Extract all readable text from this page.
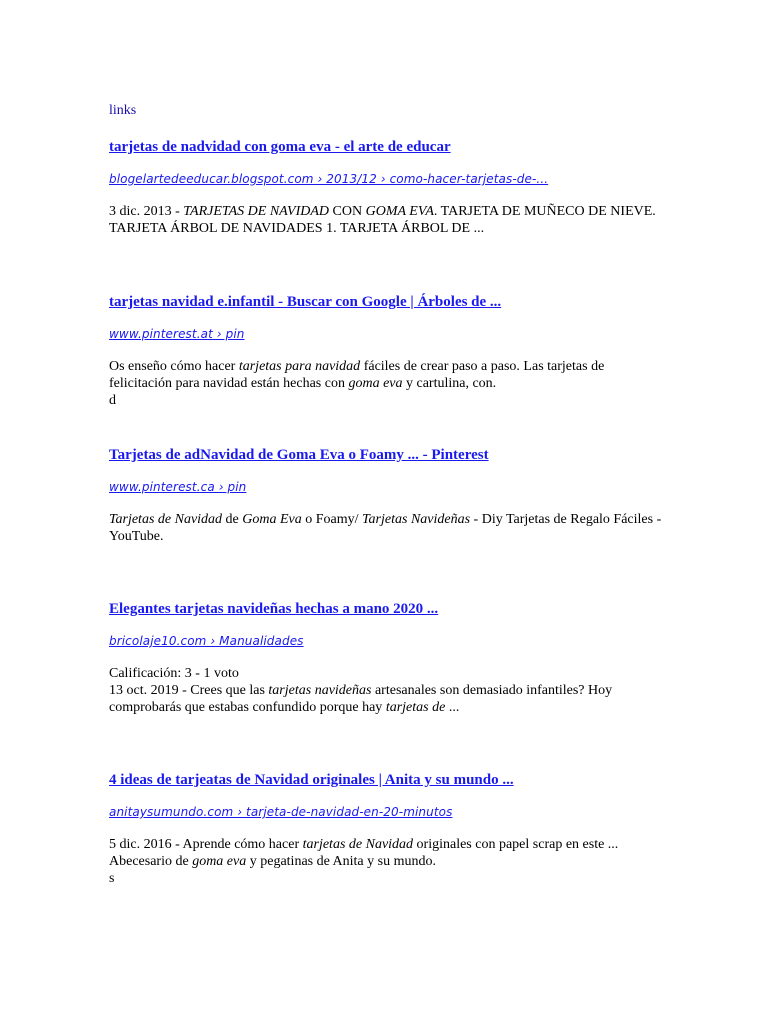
links
tarjetas de nadvidad con goma eva - el arte de educar
blogelartedeeducar.blogspot.com › 2013/12 › como-hacer-tarjetas-de-...

3 dic. 2013 - TARJETAS DE NAVIDAD CON GOMA EVA. TARJETA DE MUÑECO DE NIEVE. TARJETA ÁRBOL DE NAVIDADES 1. TARJETA ÁRBOL DE ...

tarjetas navidad e.infantil - Buscar con Google | Árboles de ...
www.pinterest.at › pin

Os enseño cómo hacer tarjetas para navidad fáciles de crear paso a paso. Las tarjetas de felicitación para navidad están hechas con goma eva y cartulina, con.

d

Tarjetas de adNavidad de Goma Eva o Foamy ... - Pinterest
www.pinterest.ca › pin

Tarjetas de Navidad de Goma Eva o Foamy/ Tarjetas Navideñas - Diy Tarjetas de Regalo Fáciles - YouTube.

Elegantes tarjetas navideñas hechas a mano 2020 ...
bricolaje10.com › Manualidades

Calificación: 3 - 1 voto

13 oct. 2019 - Crees que las tarjetas navideñas artesanales son demasiado infantiles? Hoy comprobarás que estabas confundido porque hay tarjetas de ...

4 ideas de tarjeatas de Navidad originales | Anita y su mundo ...
anitaysumundo.com › tarjeta-de-navidad-en-20-minutos

5 dic. 2016 - Aprende cómo hacer tarjetas de Navidad originales con papel scrap en este ... Abecesario de goma eva y pegatinas de Anita y su mundo.

s
